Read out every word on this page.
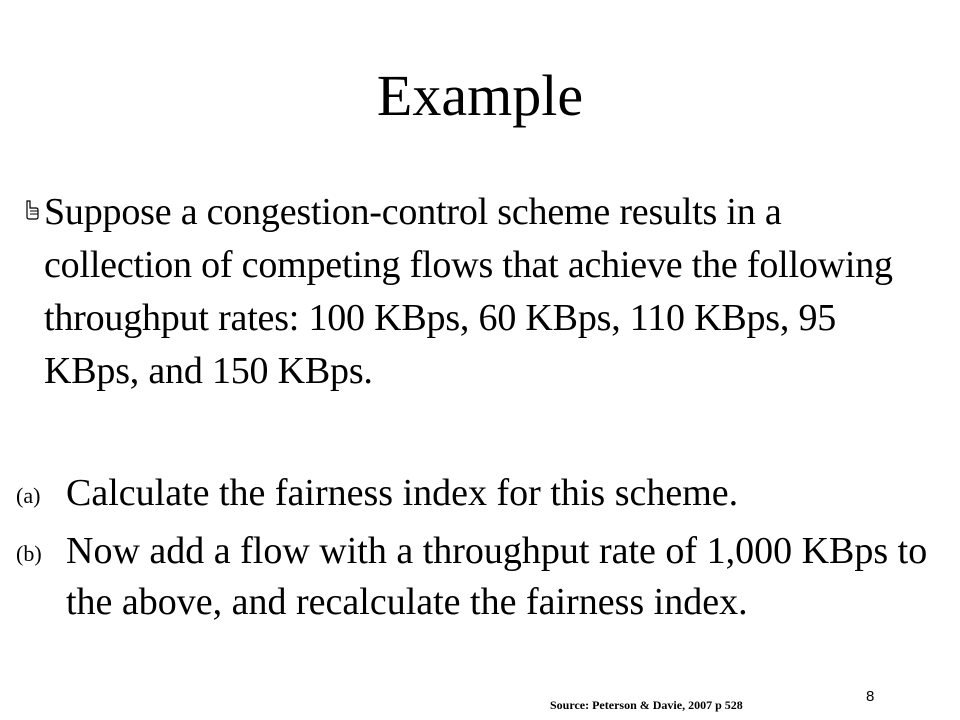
Example
Suppose a congestion-control scheme results in a collection of competing flows that achieve the following throughput rates: 100 KBps, 60 KBps, 110 KBps, 95 KBps, and 150 KBps.
(a) Calculate the fairness index for this scheme.
(b) Now add a flow with a throughput rate of 1,000 KBps to the above, and recalculate the fairness index.
8
Source: Peterson & Davie, 2007 p 528
